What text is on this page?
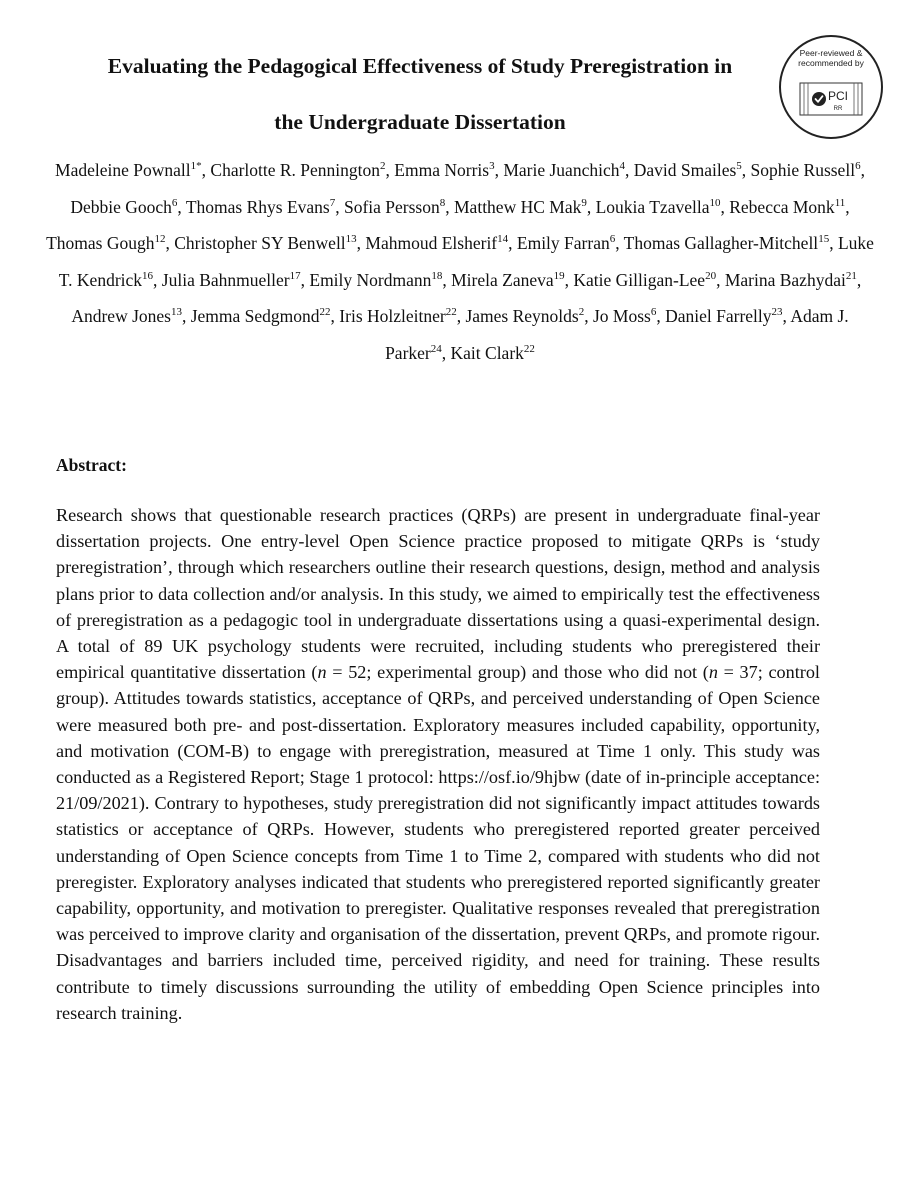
Evaluating the Pedagogical Effectiveness of Study Preregistration in
the Undergraduate Dissertation
Peer-reviewed &
recommended by
PCI
RR
Madeleine Pownall$^{1*}$, Charlotte R. Pennington$^2$, Emma Norris$^3$, Marie Juanchich$^4$, David Smailes$^5$, Sophie Russell$^6$, Debbie Gooch$^6$, Thomas Rhys Evans$^7$, Sofia Persson$^8$, Matthew HC Mak$^9$, Loukia Tzavella$^{10}$, Rebecca Monk$^{11}$, Thomas Gough$^{12}$, Christopher SY Benwell$^{13}$, Mahmoud Elsherif$^{14}$, Emily Farran$^6$, Thomas Gallagher-Mitchell$^{15}$, Luke T. Kendrick$^{16}$, Julia Bahnmueller$^{17}$, Emily Nordmann$^{18}$, Mirela Zaneva$^{19}$, Katie Gilligan-Lee$^{20}$, Marina Bazhydai$^{21}$, Andrew Jones$^{13}$, Jemma Sedgmond$^{22}$, Iris Holzleitner$^{22}$, James Reynolds$^2$, Jo Moss$^6$, Daniel Farrelly$^{23}$, Adam J. Parker$^{24}$, Kait Clark$^{22}$
Abstract:
Research shows that questionable research practices (QRPs) are present in undergraduate final-year dissertation projects. One entry-level Open Science practice proposed to mitigate QRPs is ‘study preregistration’, through which researchers outline their research questions, design, method and analysis plans prior to data collection and/or analysis. In this study, we aimed to empirically test the effectiveness of preregistration as a pedagogic tool in undergraduate dissertations using a quasi-experimental design. A total of 89 UK psychology students were recruited, including students who preregistered their empirical quantitative dissertation (n = 52; experimental group) and those who did not (n = 37; control group). Attitudes towards statistics, acceptance of QRPs, and perceived understanding of Open Science were measured both pre- and post-dissertation. Exploratory measures included capability, opportunity, and motivation (COM-B) to engage with preregistration, measured at Time 1 only. This study was conducted as a Registered Report; Stage 1 protocol: https://osf.io/9hjbw (date of in-principle acceptance: 21/09/2021). Contrary to hypotheses, study preregistration did not significantly impact attitudes towards statistics or acceptance of QRPs. However, students who preregistered reported greater perceived understanding of Open Science concepts from Time 1 to Time 2, compared with students who did not preregister. Exploratory analyses indicated that students who preregistered reported significantly greater capability, opportunity, and motivation to preregister. Qualitative responses revealed that preregistration was perceived to improve clarity and organisation of the dissertation, prevent QRPs, and promote rigour. Disadvantages and barriers included time, perceived rigidity, and need for training. These results contribute to timely discussions surrounding the utility of embedding Open Science principles into research training.
